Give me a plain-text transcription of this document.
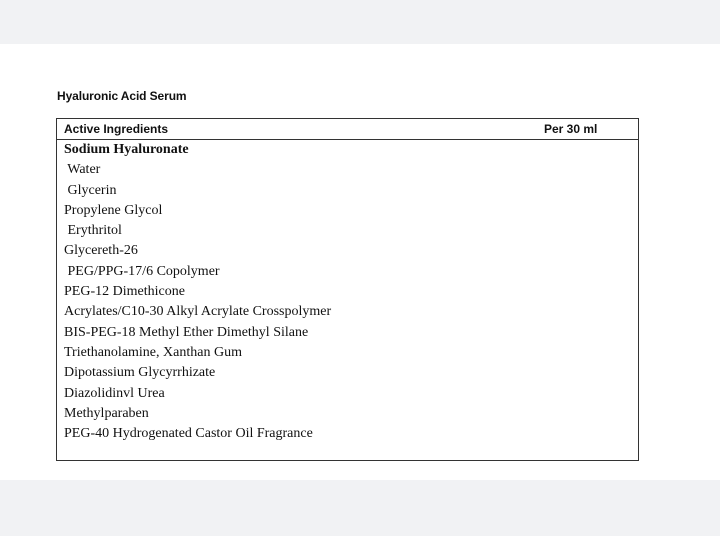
Hyaluronic Acid Serum
Active Ingredients	Per 30 ml
Sodium Hyaluronate
Water
Glycerin
Propylene Glycol
Erythritol
Glycereth-26
PEG/PPG-17/6 Copolymer
PEG-12 Dimethicone
Acrylates/C10-30 Alkyl Acrylate Crosspolymer
BIS-PEG-18 Methyl Ether Dimethyl Silane
Triethanolamine, Xanthan Gum
Dipotassium Glycyrrhizate
Diazolidinvl Urea
Methylparaben
PEG-40 Hydrogenated Castor Oil Fragrance
